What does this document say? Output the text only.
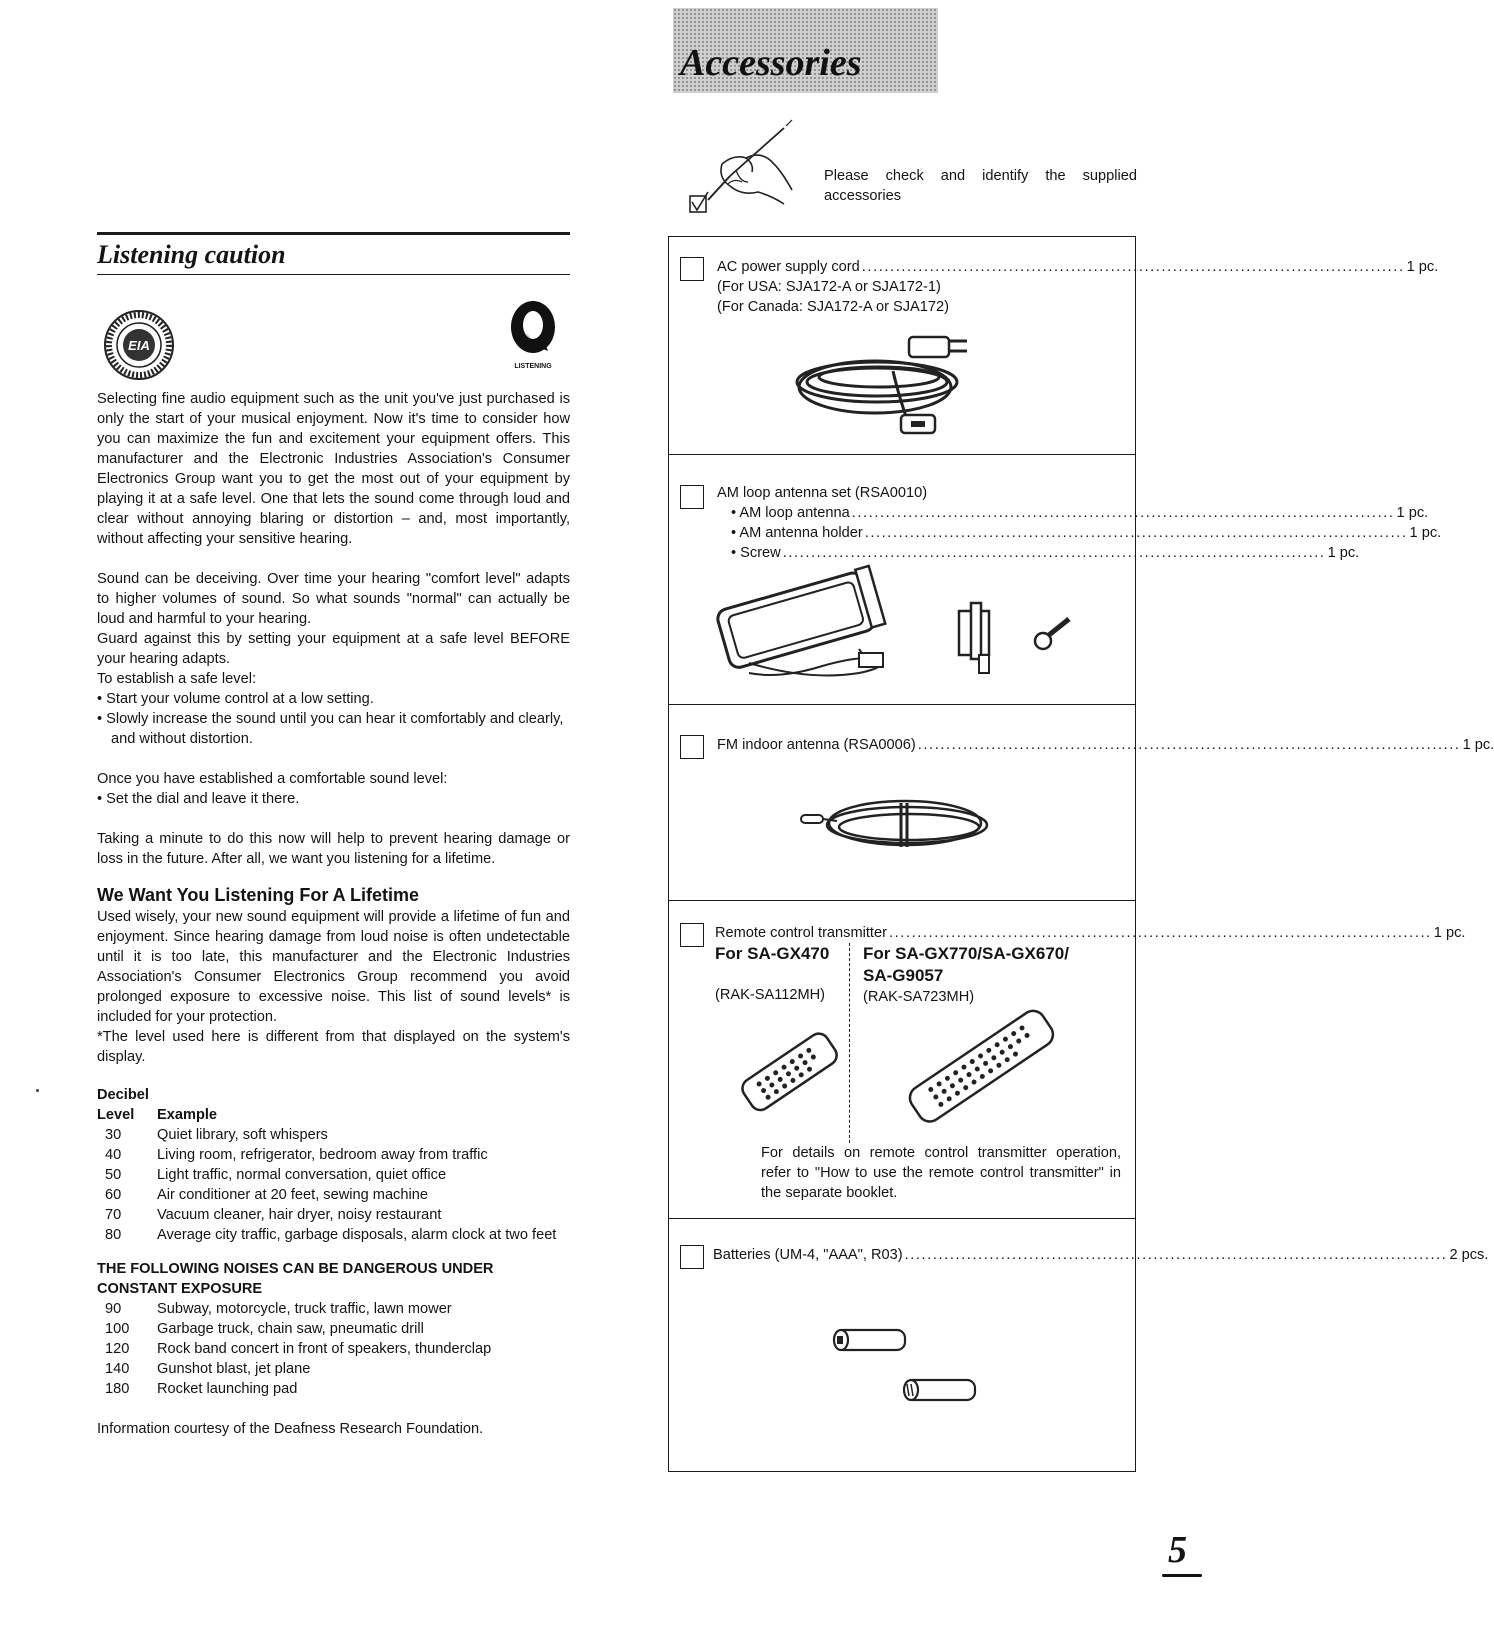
Listening caution
EIA
LISTENING

Selecting fine audio equipment such as the unit you've just purchased is only the start of your musical enjoyment. Now it's time to consider how you can maximize the fun and excitement your equipment offers. This manufacturer and the Electronic Industries Association's Consumer Electronics Group want you to get the most out of your equipment by playing it at a safe level. One that lets the sound come through loud and clear without annoying blaring or distortion – and, most importantly, without affecting your sensitive hearing.

Sound can be deceiving. Over time your hearing "comfort level" adapts to higher volumes of sound. So what sounds "normal" can actually be loud and harmful to your hearing.

Guard against this by setting your equipment at a safe level BEFORE your hearing adapts.

To establish a safe level:

• Start your volume control at a low setting.

• Slowly increase the sound until you can hear it comfortably and clearly, and without distortion.

Once you have established a comfortable sound level:

• Set the dial and leave it there.

Taking a minute to do this now will help to prevent hearing damage or loss in the future. After all, we want you listening for a lifetime.

We Want You Listening For A Lifetime

Used wisely, your new sound equipment will provide a lifetime of fun and enjoyment. Since hearing damage from loud noise is often undetectable until it is too late, this manufacturer and the Electronic Industries Association's Consumer Electronics Group recommend you avoid prolonged exposure to excessive noise. This list of sound levels* is included for your protection.

*The level used here is different from that displayed on the system's display.

Decibel	
Level	Example
30	Quiet library, soft whispers
40	Living room, refrigerator, bedroom away from traffic
50	Light traffic, normal conversation, quiet office
60	Air conditioner at 20 feet, sewing machine
70	Vacuum cleaner, hair dryer, noisy restaurant
80	Average city traffic, garbage disposals, alarm clock at two feet

THE FOLLOWING NOISES CAN BE DANGEROUS UNDER CONSTANT EXPOSURE

90	Subway, motorcycle, truck traffic, lawn mower
100	Garbage truck, chain saw, pneumatic drill
120	Rock band concert in front of speakers, thunderclap
140	Gunshot blast, jet plane
180	Rocket launching pad

Information courtesy of the Deafness Research Foundation.

Accessories

Please check and identify the supplied accessories

AC power supply cord ................................................................................................ 1 pc.
(For USA: SJA172-A or SJA172-1)
(For Canada: SJA172-A or SJA172)
AM loop antenna set (RSA0010)
• AM loop antenna ................................................................................................ 1 pc.
• AM antenna holder ................................................................................................ 1 pc.
• Screw ................................................................................................ 1 pc.
FM indoor antenna (RSA0006) ................................................................................................ 1 pc.
Remote control transmitter ................................................................................................ 1 pc.
For SA-GX470
(RAK-SA112MH)
For SA-GX770/SA-GX670/
SA-G9057
(RAK-SA723MH)

For details on remote control transmitter operation, refer to "How to use the remote control transmitter" in the separate booklet.

Batteries (UM-4, "AAA", R03) ................................................................................................ 2 pcs.
5
